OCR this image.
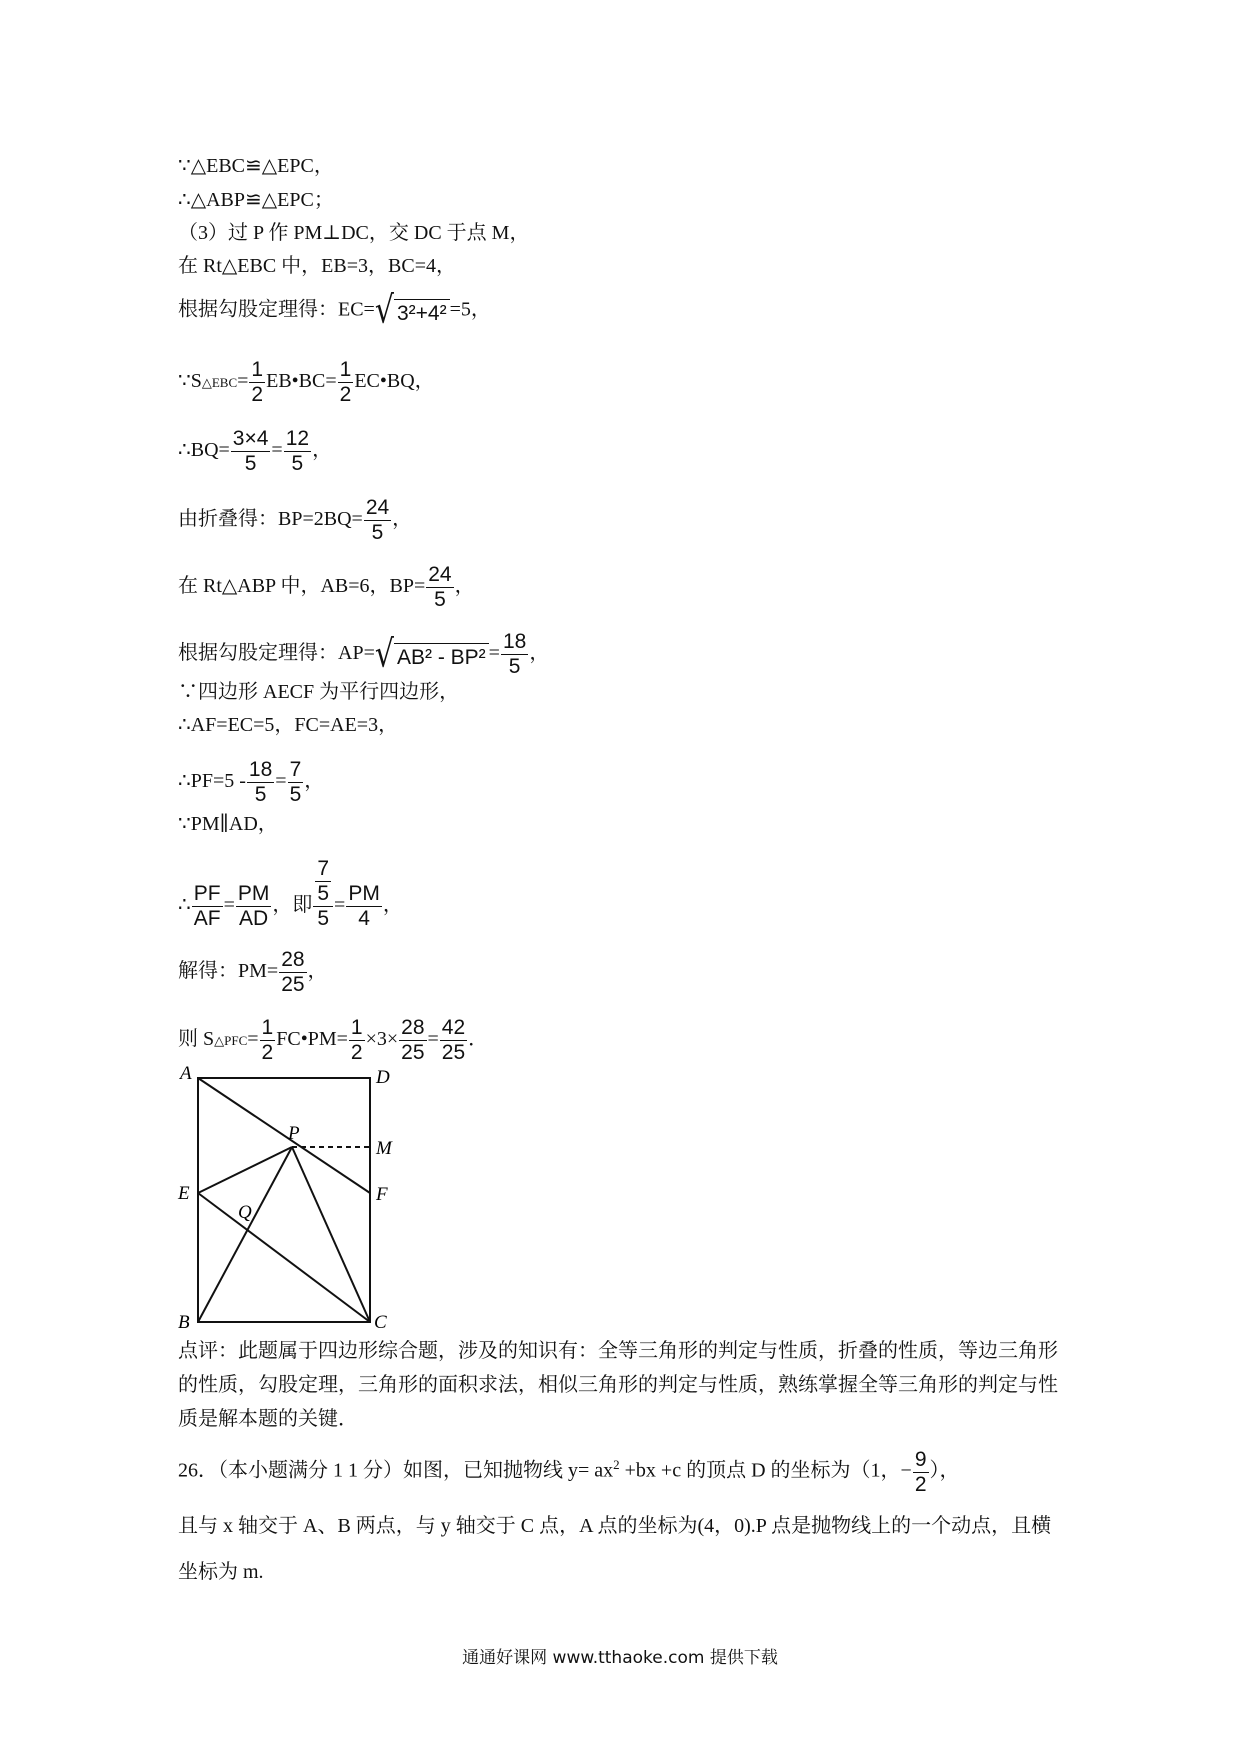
∵△EBC≌△EPC，
∴△ABP≌△EPC；
（3）过 P 作 PM⊥DC，交 DC 于点 M，
在 Rt△EBC 中，EB=3，BC=4，
根据勾股定理得：EC= √ 3²+4² =5，
∵S△EBC= $\frac{1}{2}$ EB•BC= $\frac{1}{2}$ EC•BQ，
∴BQ= $\frac{3\times 4}{5} = \frac{12}{5}$ ，
由折叠得：$BP=2BQ= \frac{24}{5}$ ，
在 Rt△ABP 中，AB=6，$BP= \frac{24}{5}$ ，
根据勾股定理得：AP= √ $AB^2 - BP^2 = \frac{18}{5}$ ，
∵四边形 AECF 为平行四边形，
∴AF=EC=5，FC=AE=3，
∴PF=5 - $\frac{18}{5} = \frac{7}{5}$ ，
∵PM∥AD，
∴ $\frac{PF}{AF} = \frac{PM}{AD}$ ，即 7
5
$5 = \frac{PM}{4}$ ，
解得：$PM= \frac{28}{25}$ ，
则 S△PFC= $\frac{1}{2}$ FC•PM= $\frac{1}{2} \times 3\times \frac{28}{25} = \frac{42}{25}$ ．
A	D
P
M
E	F
Q
B	C
点评：此题属于四边形综合题，涉及的知识有：全等三角形的判定与性质，折叠的性质，等边三角形的性质，勾股定理，三角形的面积求法，相似三角形的判定与性质，熟练掌握全等三角形的判定与性质是解本题的关键．
26．（本小题满分 1 1 分）如图，已知抛物线 $y= ax^2 +bx +c$ 的顶点 D 的坐标为（1，− $\frac{9}{2}$ ），
且与 x 轴交于 A、B 两点，与 y 轴交于 C 点，A 点的坐标为(4，0).P 点是抛物线上的一个动点，且横坐标为 m.
通通好课网 www.tthaoke.com 提供下载
